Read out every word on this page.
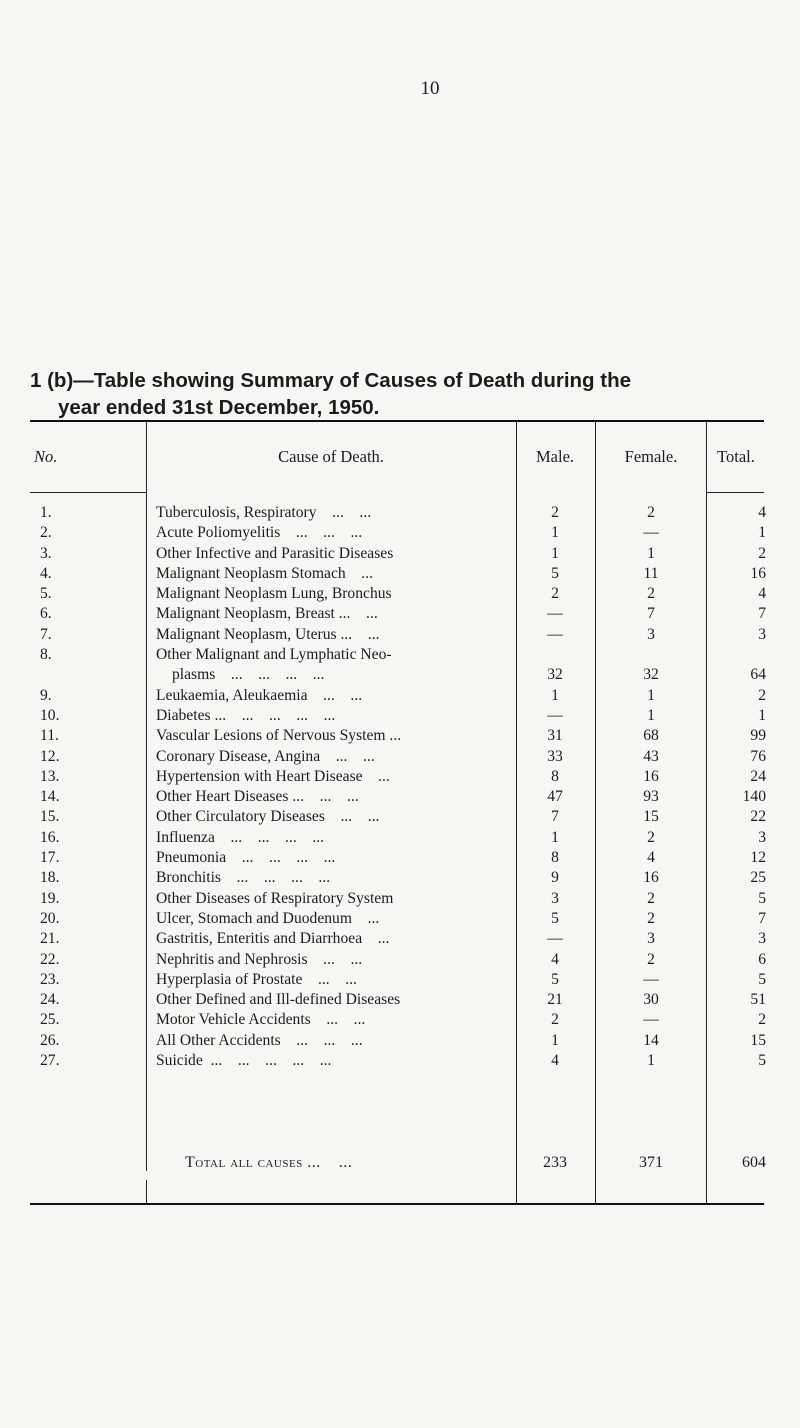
10
1 (b)—Table showing Summary of Causes of Death during the
year ended 31st December, 1950.
No.	Cause of Death.	Male.	Female.	Total.
1.	Tuberculosis, Respiratory    ...    ...	2	2	4
2.	Acute Poliomyelitis    ...    ...    ...	1	—	1
3.	Other Infective and Parasitic Diseases	1	1	2
4.	Malignant Neoplasm Stomach    ...	5	11	16
5.	Malignant Neoplasm Lung, Bronchus	2	2	4
6.	Malignant Neoplasm, Breast ...    ...	—	7	7
7.	Malignant Neoplasm, Uterus ...    ...	—	3	3
8.	Other Malignant and Lymphatic Neo-
plasms    ...    ...    ...    ...	32	32	64
9.	Leukaemia, Aleukaemia    ...    ...	1	1	2
10.	Diabetes ...    ...    ...    ...    ...	—	1	1
11.	Vascular Lesions of Nervous System ...	31	68	99
12.	Coronary Disease, Angina    ...    ...	33	43	76
13.	Hypertension with Heart Disease    ...	8	16	24
14.	Other Heart Diseases ...    ...    ...	47	93	140
15.	Other Circulatory Diseases    ...    ...	7	15	22
16.	Influenza    ...    ...    ...    ...	1	2	3
17.	Pneumonia    ...    ...    ...    ...	8	4	12
18.	Bronchitis    ...    ...    ...    ...	9	16	25
19.	Other Diseases of Respiratory System	3	2	5
20.	Ulcer, Stomach and Duodenum    ...	5	2	7
21.	Gastritis, Enteritis and Diarrhoea    ...	—	3	3
22.	Nephritis and Nephrosis    ...    ...	4	2	6
23.	Hyperplasia of Prostate    ...    ...	5	—	5
24.	Other Defined and Ill-defined Diseases	21	30	51
25.	Motor Vehicle Accidents    ...    ...	2	—	2
26.	All Other Accidents    ...    ...    ...	1	14	15
27.	Suicide  ...    ...    ...    ...    ...	4	1	5
Total all causes ...    ...	233	371	604
